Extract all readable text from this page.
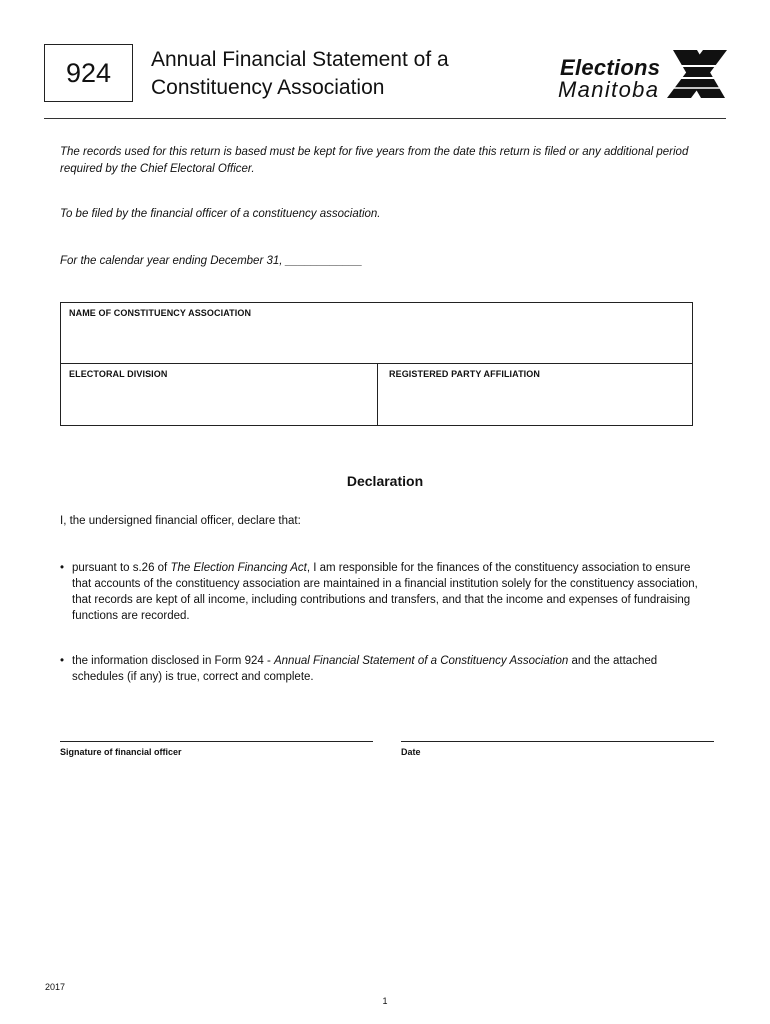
924 Annual Financial Statement of a
Constituency Association
Elections
Manitoba
The records used for this return is based must be kept for five years from the date this return is filed or any additional period required by the Chief Electoral Officer.
To be filed by the financial officer of a constituency association.
For the calendar year ending December 31, ____________
NAME OF CONSTITUENCY ASSOCIATION
ELECTORAL DIVISION	REGISTERED PARTY AFFILIATION
Declaration
I, the undersigned financial officer, declare that:
• pursuant to s.26 of The Election Financing Act, I am responsible for the finances of the constituency association to ensure that accounts of the constituency association are maintained in a financial institution solely for the constituency association, that records are kept of all income, including contributions and transfers, and that the income and expenses of fundraising functions are recorded.
• the information disclosed in Form 924 - Annual Financial Statement of a Constituency Association and the attached schedules (if any) is true, correct and complete.
Signature of financial officer	Date
2017
1
